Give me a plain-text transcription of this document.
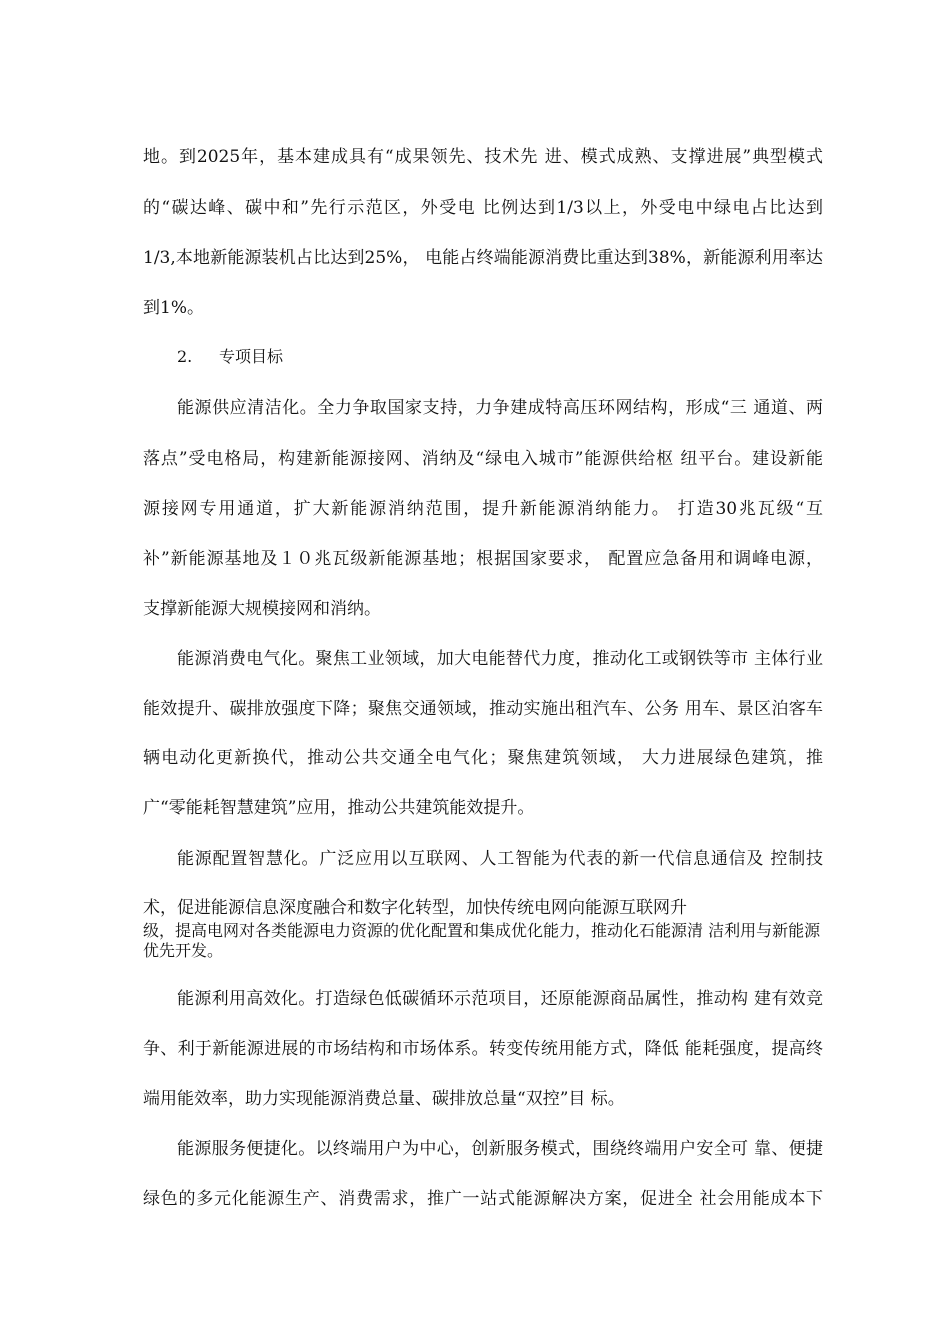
地。到2025年，基本建成具有“成果领先、技术先 进、模式成熟、支撑进展”典型模式
的“碳达峰、碳中和”先行示范区，外受电 比例达到1/3以上，外受电中绿电占比达到
1/3,本地新能源装机占比达到25%， 电能占终端能源消费比重达到38%，新能源利用率达
到1%。
2. 专项目标
能源供应清洁化。全力争取国家支持，力争建成特高压环网结构，形成“三 通道、两
落点”受电格局，构建新能源接网、消纳及“绿电入城市”能源供给枢 纽平台。建设新能
源接网专用通道，扩大新能源消纳范围，提升新能源消纳能力。 打造30兆瓦级“互
补”新能源基地及１０兆瓦级新能源基地；根据国家要求， 配置应急备用和调峰电源，
支撑新能源大规模接网和消纳。
能源消费电气化。聚焦工业领域，加大电能替代力度，推动化工或钢铁等市 主体行业
能效提升、碳排放强度下降；聚焦交通领域，推动实施出租汽车、公务 用车、景区泊客车
辆电动化更新换代，推动公共交通全电气化；聚焦建筑领域， 大力进展绿色建筑，推
广“零能耗智慧建筑”应用，推动公共建筑能效提升。
能源配置智慧化。广泛应用以互联网、人工智能为代表的新一代信息通信及 控制技
术，促进能源信息深度融合和数字化转型，加快传统电网向能源互联网升
级，提高电网对各类能源电力资源的优化配置和集成优化能力，推动化石能源清 洁利用与新能源优先开发。
能源利用高效化。打造绿色低碳循环示范项目，还原能源商品属性，推动构 建有效竞
争、利于新能源进展的市场结构和市场体系。转变传统用能方式，降低 能耗强度，提高终
端用能效率，助力实现能源消费总量、碳排放总量“双控”目 标。
能源服务便捷化。以终端用户为中心，创新服务模式，围绕终端用户安全可 靠、便捷
绿色的多元化能源生产、消费需求，推广一站式能源解决方案，促进全 社会用能成本下
